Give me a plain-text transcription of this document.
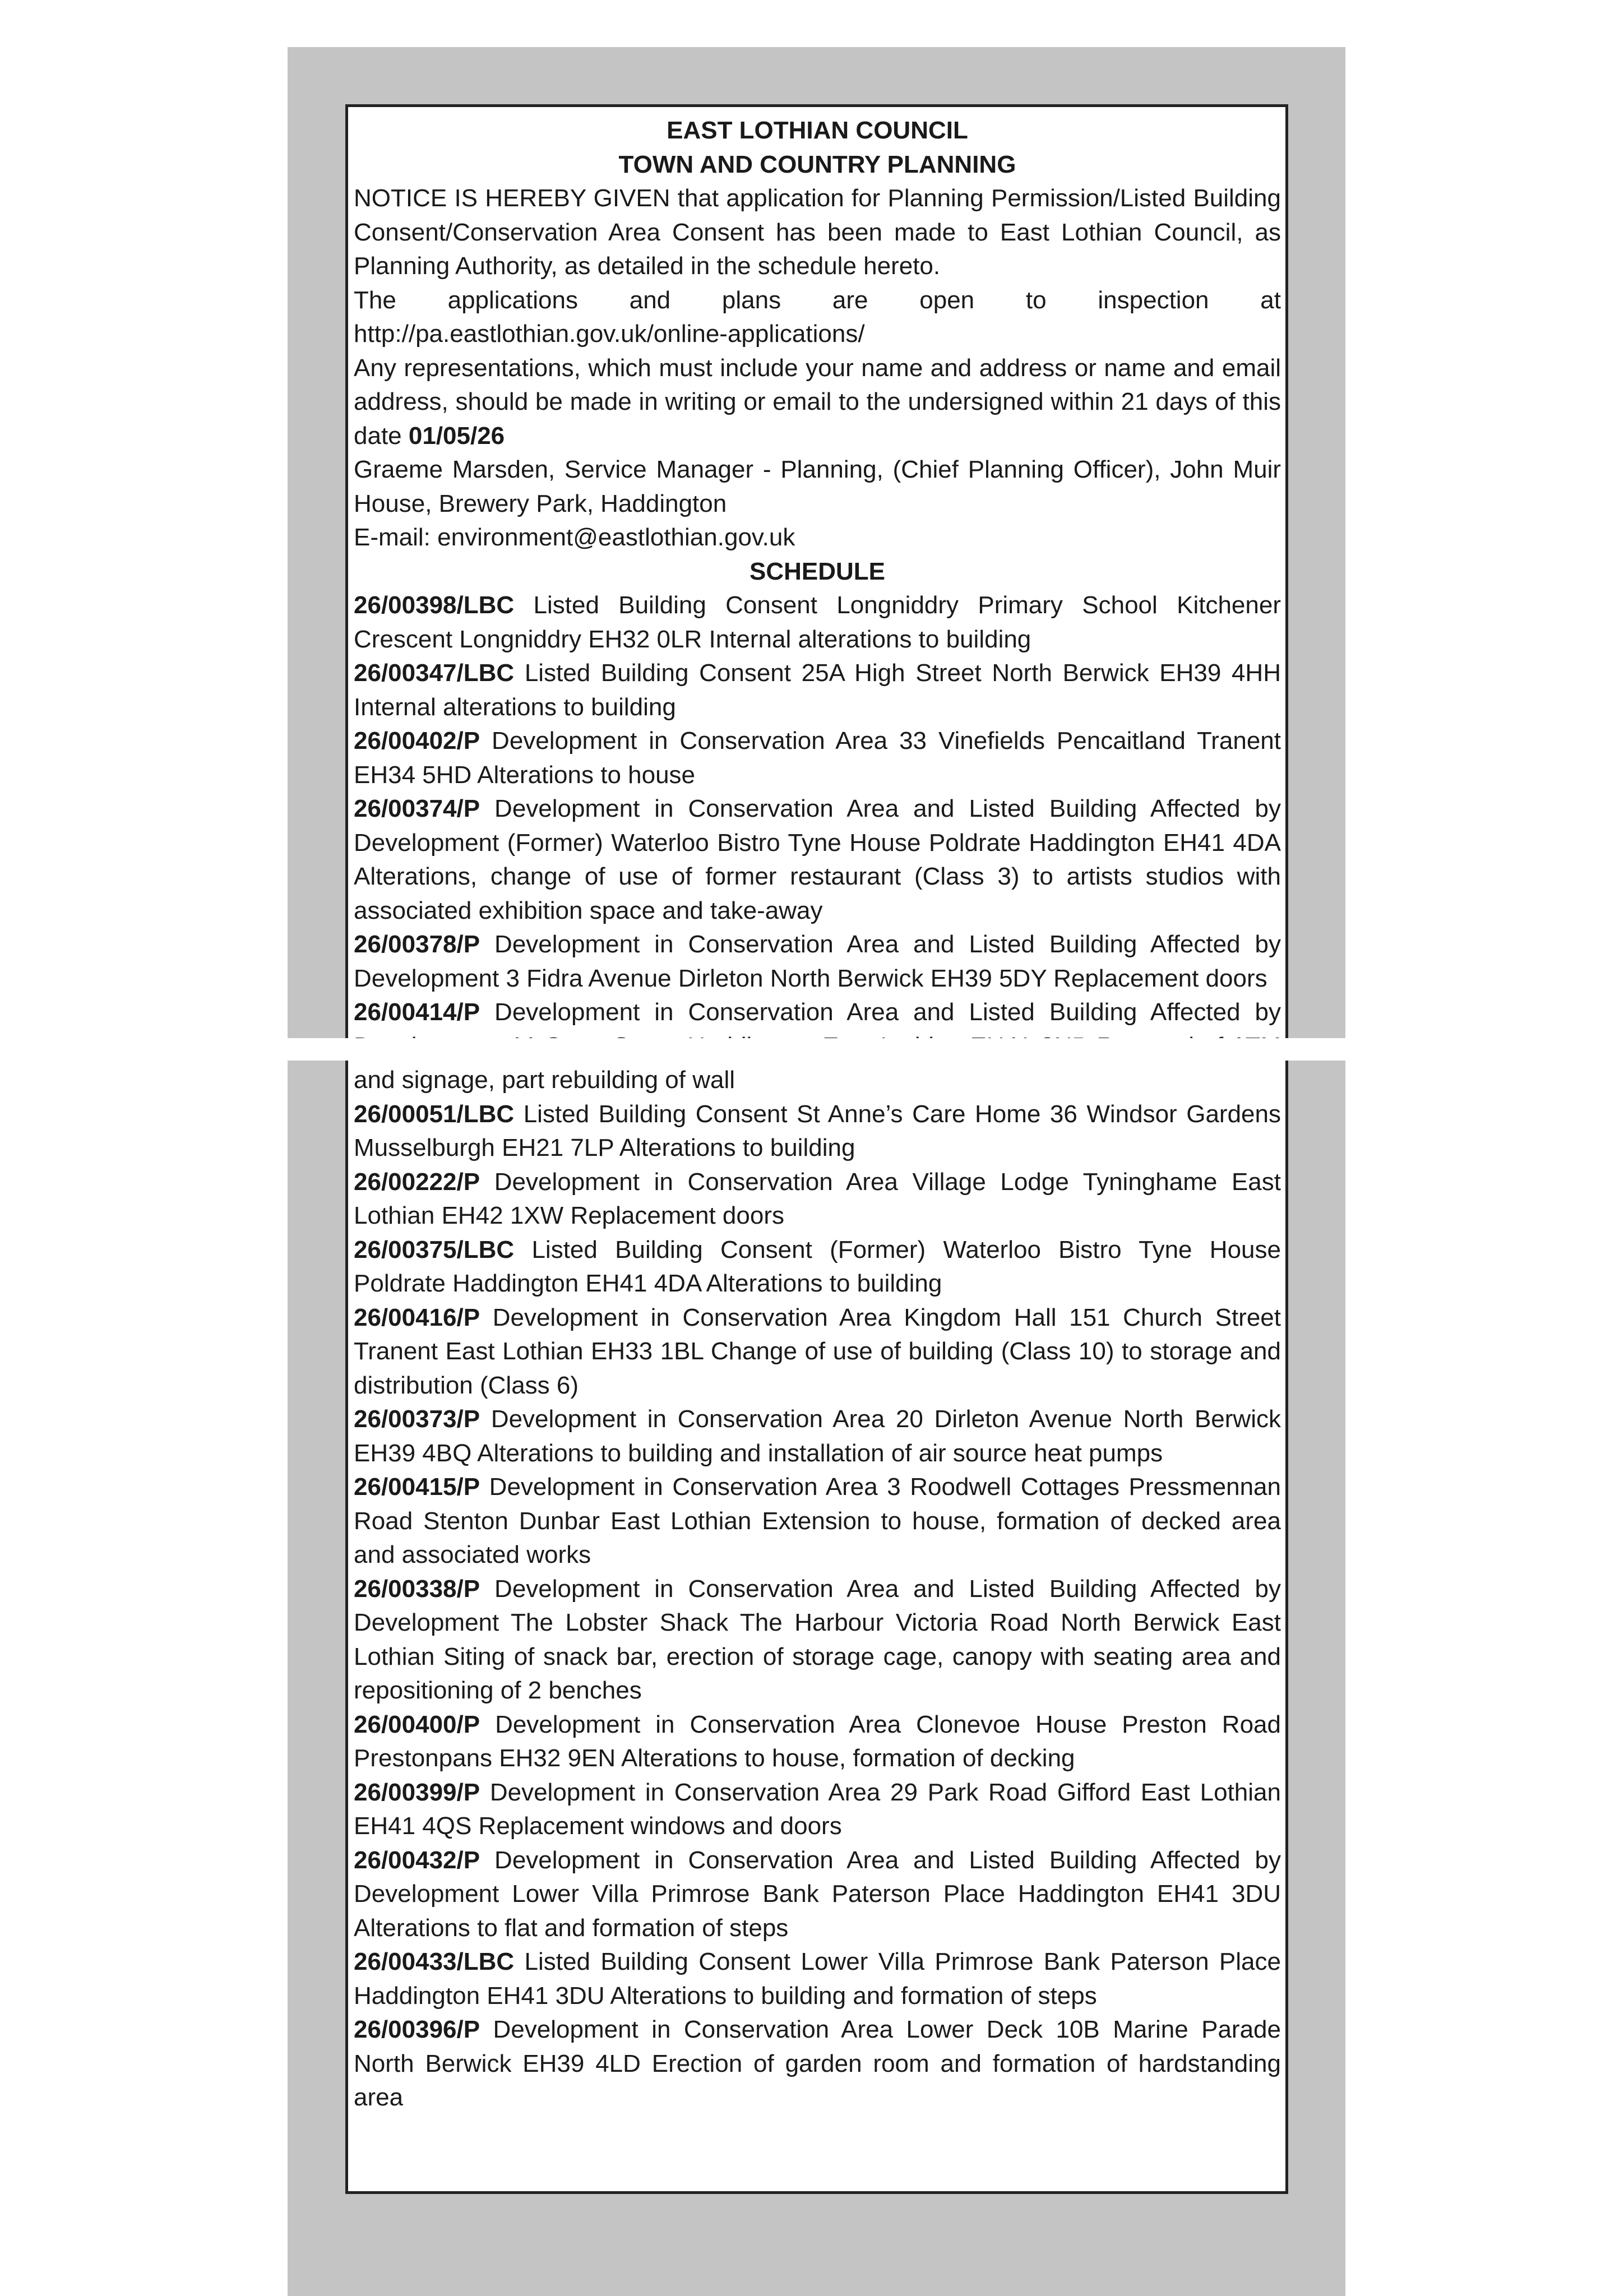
EAST LOTHIAN COUNCIL
TOWN AND COUNTRY PLANNING

NOTICE IS HEREBY GIVEN that application for Planning Permission/Listed Building Consent/Conservation Area Consent has been made to East Lothian Council, as Planning Authority, as detailed in the schedule hereto.

The applications and plans are open to inspection at http://pa.eastlothian.gov.uk/online-applications/

Any representations, which must include your name and address or name and email address, should be made in writing or email to the undersigned within 21 days of this date 01/05/26

Graeme Marsden, Service Manager - Planning, (Chief Planning Officer), John Muir House, Brewery Park, Haddington

E-mail: environment@eastlothian.gov.uk

SCHEDULE

26/00398/LBC Listed Building Consent Longniddry Primary School Kitchener Crescent Longniddry EH32 0LR Internal alterations to building

26/00347/LBC Listed Building Consent 25A High Street North Berwick EH39 4HH Internal alterations to building

26/00402/P Development in Conservation Area 33 Vinefields Pencaitland Tranent EH34 5HD Alterations to house

26/00374/P Development in Conservation Area and Listed Building Affected by Development (Former) Waterloo Bistro Tyne House Poldrate Haddington EH41 4DA Alterations, change of use of former restaurant (Class 3) to artists studios with associated exhibition space and take-away

26/00378/P Development in Conservation Area and Listed Building Affected by Development 3 Fidra Avenue Dirleton North Berwick EH39 5DY Replacement doors

26/00414/P Development in Conservation Area and Listed Building Affected by and signage, part rebuilding of wall

26/00051/LBC Listed Building Consent St Anne’s Care Home 36 Windsor Gardens Musselburgh EH21 7LP Alterations to building

26/00222/P Development in Conservation Area Village Lodge Tyninghame East Lothian EH42 1XW Replacement doors

26/00375/LBC Listed Building Consent (Former) Waterloo Bistro Tyne House Poldrate Haddington EH41 4DA Alterations to building

26/00416/P Development in Conservation Area Kingdom Hall 151 Church Street Tranent East Lothian EH33 1BL Change of use of building (Class 10) to storage and distribution (Class 6)

26/00373/P Development in Conservation Area 20 Dirleton Avenue North Berwick EH39 4BQ Alterations to building and installation of air source heat pumps

26/00415/P Development in Conservation Area 3 Roodwell Cottages Pressmennan Road Stenton Dunbar East Lothian Extension to house, formation of decked area and associated works

26/00338/P Development in Conservation Area and Listed Building Affected by Development The Lobster Shack The Harbour Victoria Road North Berwick East Lothian Siting of snack bar, erection of storage cage, canopy with seating area and repositioning of 2 benches

26/00400/P Development in Conservation Area Clonevoe House Preston Road Prestonpans EH32 9EN Alterations to house, formation of decking

26/00399/P Development in Conservation Area 29 Park Road Gifford East Lothian EH41 4QS Replacement windows and doors

26/00432/P Development in Conservation Area and Listed Building Affected by Development Lower Villa Primrose Bank Paterson Place Haddington EH41 3DU Alterations to flat and formation of steps

26/00433/LBC Listed Building Consent Lower Villa Primrose Bank Paterson Place Haddington EH41 3DU Alterations to building and formation of steps

26/00396/P Development in Conservation Area Lower Deck 10B Marine Parade North Berwick EH39 4LD Erection of garden room and formation of hardstanding area
